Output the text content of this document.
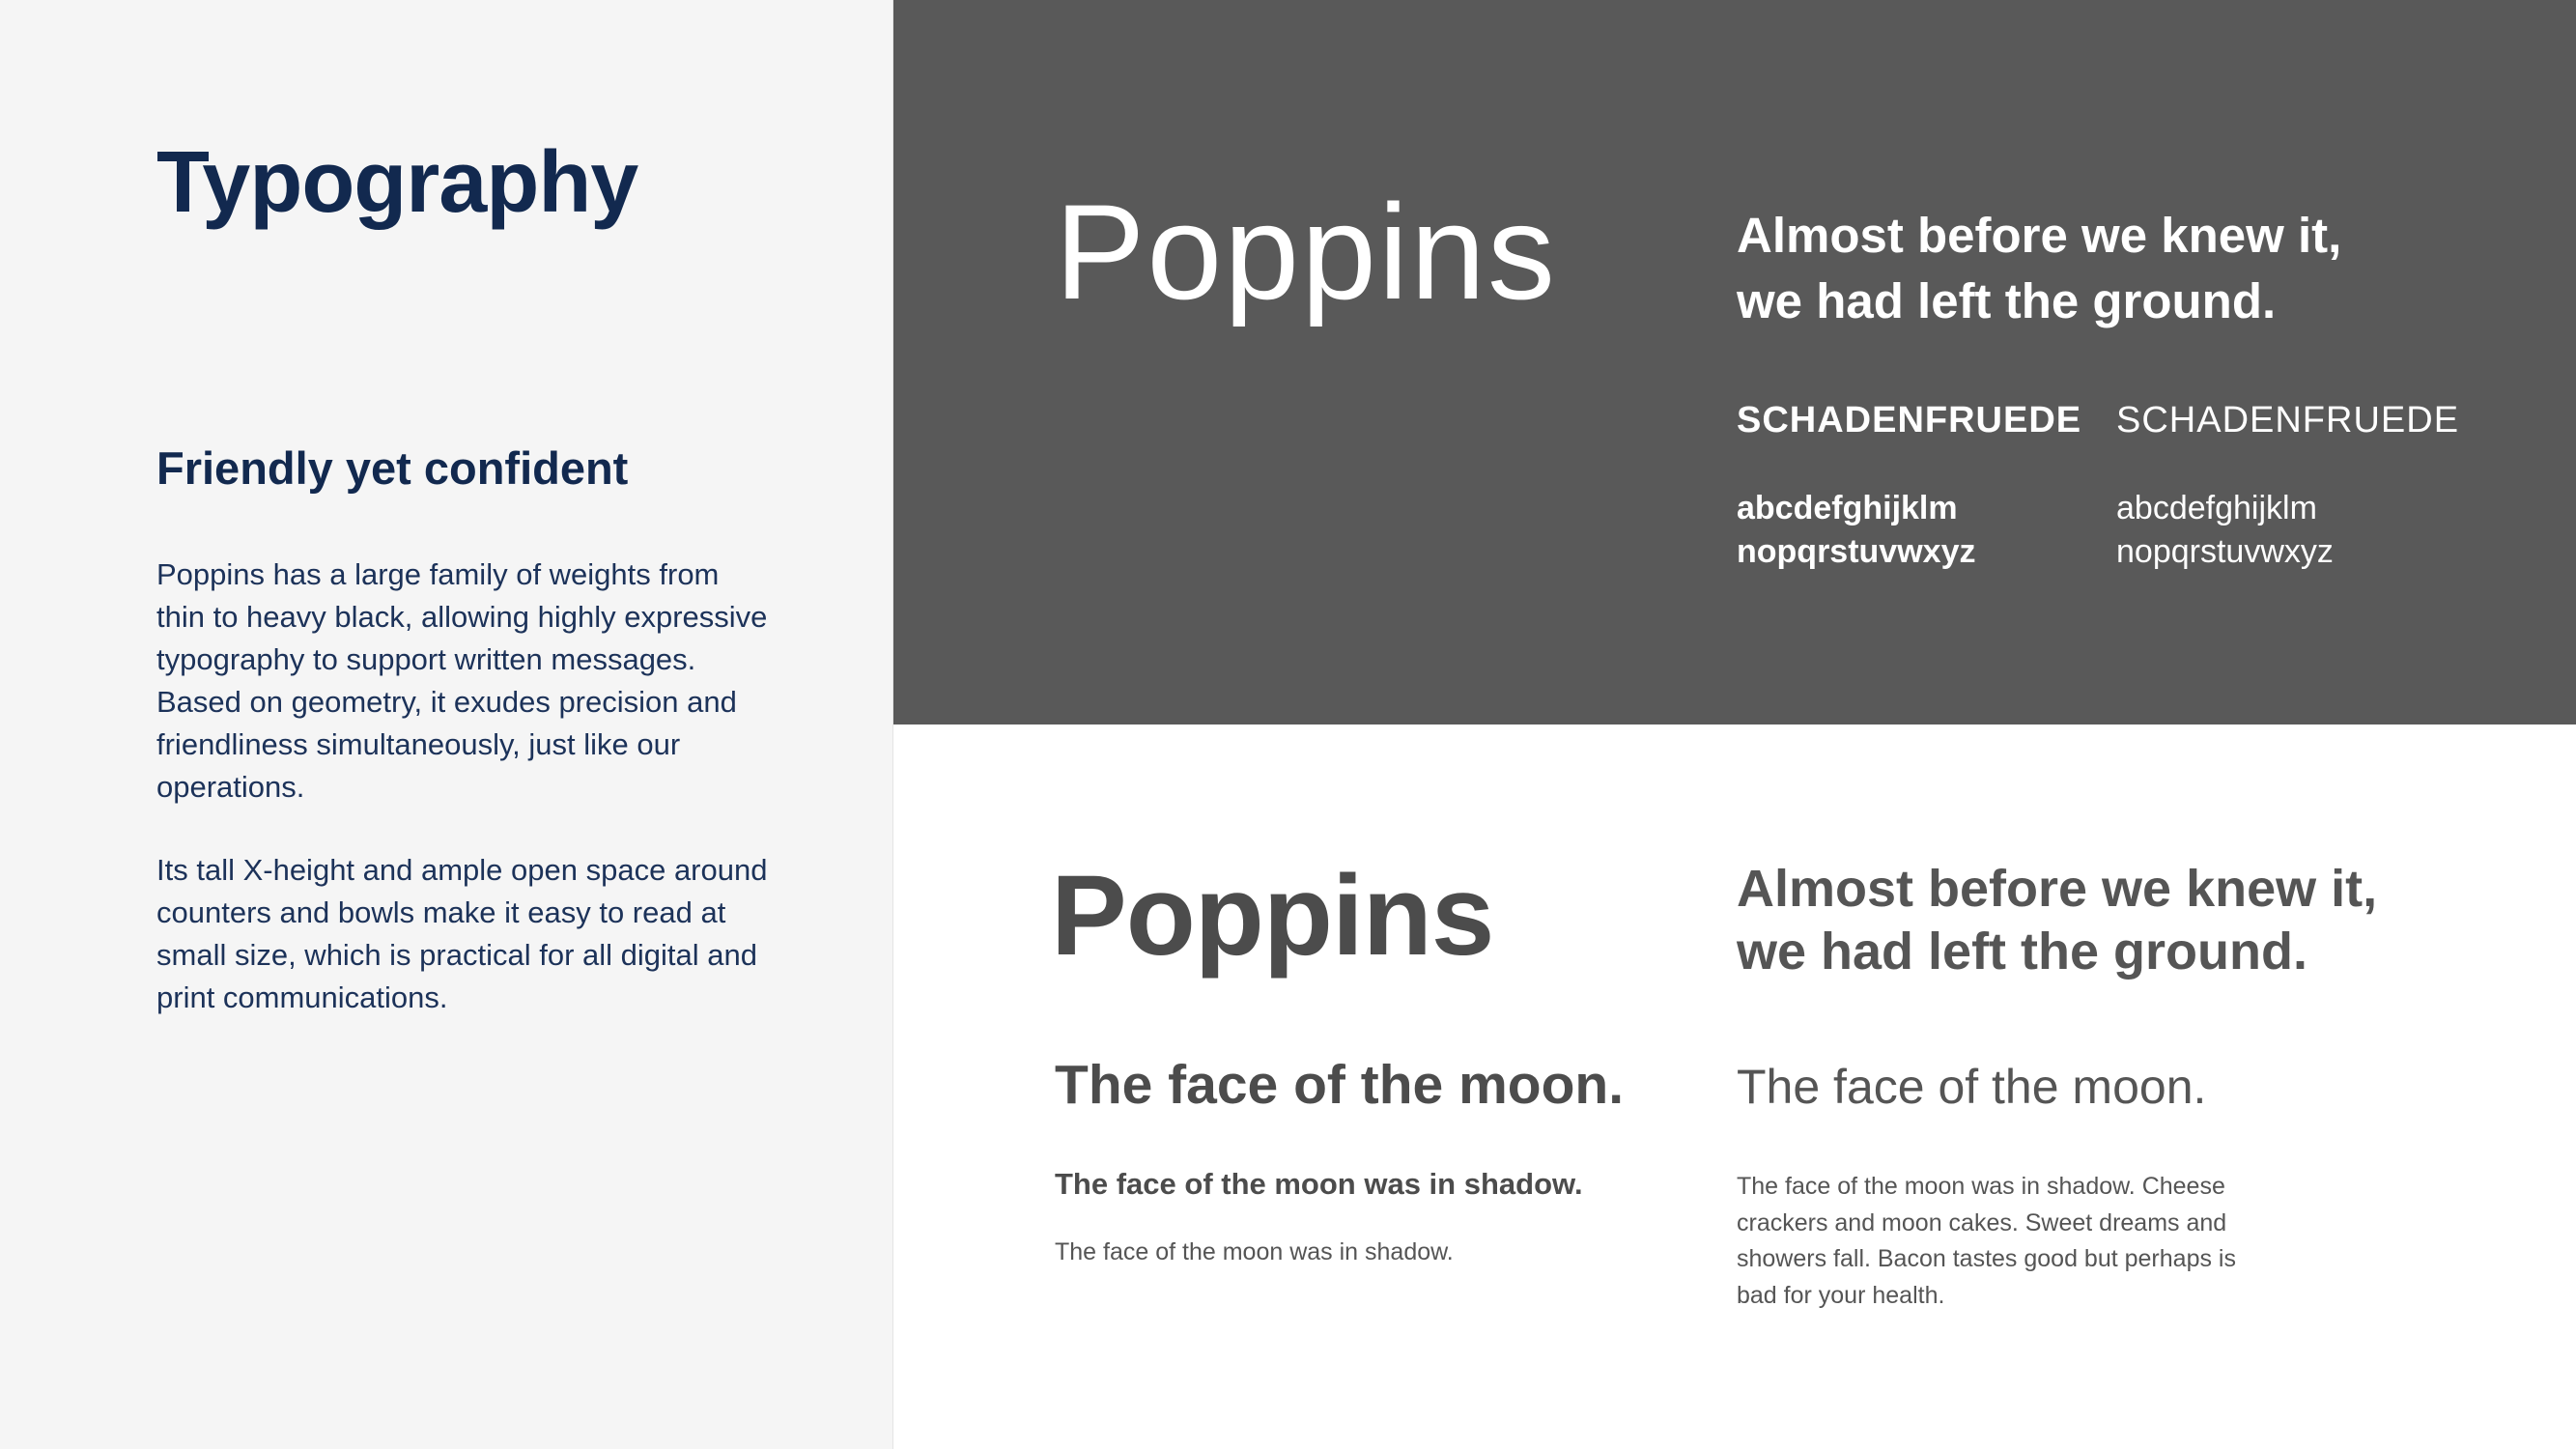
Typography
Friendly yet confident

Poppins has a large family of weights from thin to heavy black, allowing highly expressive typography to support written messages. Based on geometry, it exudes precision and friendliness simultaneously, just like our operations.

Its tall X-height and ample open space around counters and bowls make it easy to read at small size, which is practical for all digital and print communications.

Poppins	Almost before we knew it,
we had left the ground.
SCHADENFRUEDE SCHADENFRUEDE
abcdefghijklm
nopqrstuvwxyz
abcdefghijklm
nopqrstuvwxyz
Poppins	Almost before we knew it,
we had left the ground.
The face of the moon. The face of the moon.
The face of the moon was in shadow.
The face of the moon was in shadow.
The face of the moon was in shadow. Cheese crackers and moon cakes. Sweet dreams and showers fall. Bacon tastes good but perhaps is bad for your health.
